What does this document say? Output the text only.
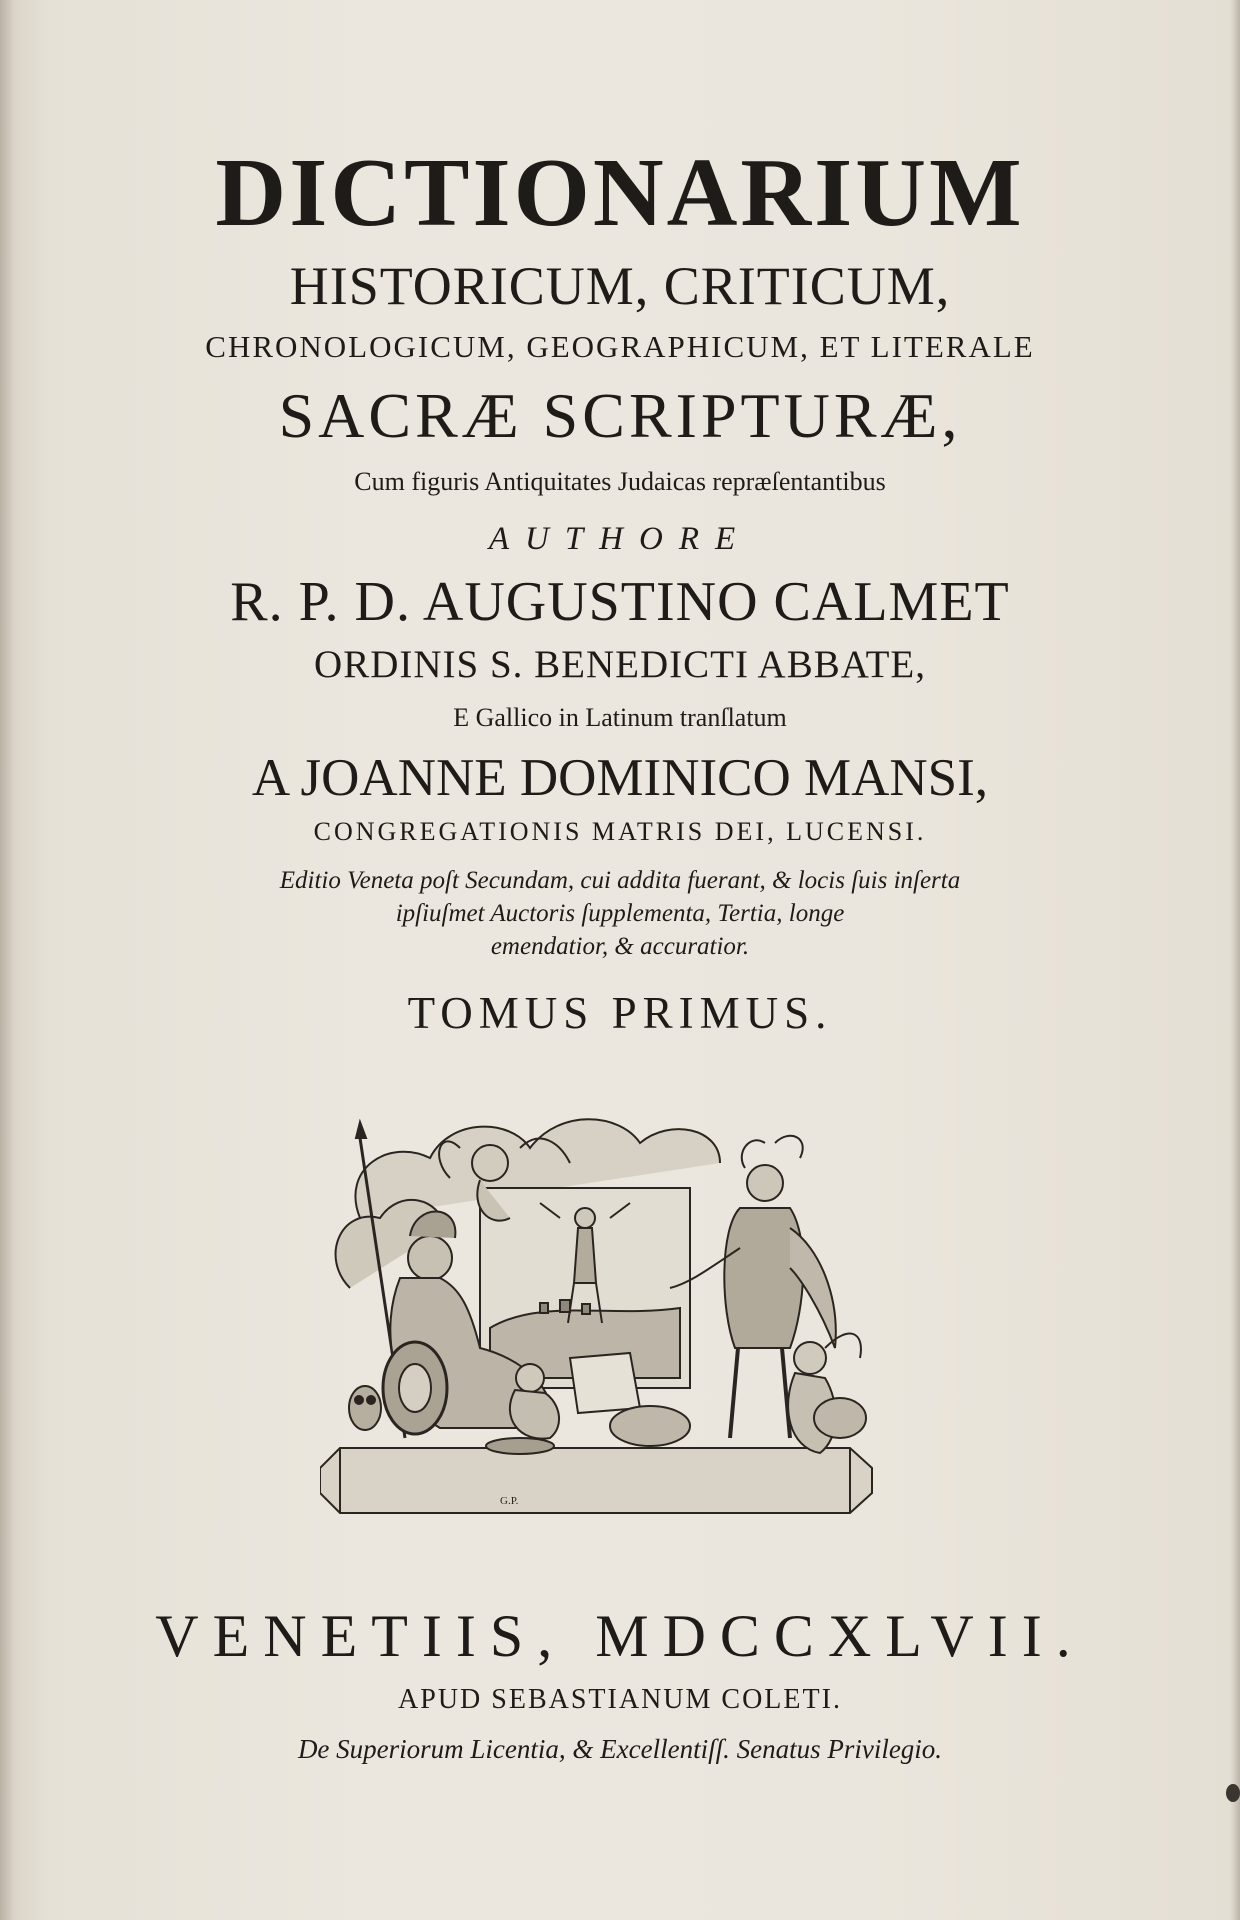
DICTIONARIUM

HISTORICUM, CRITICUM,

CHRONOLOGICUM, GEOGRAPHICUM, ET LITERALE

SACRÆ SCRIPTURÆ,

Cum figuris Antiquitates Judaicas repræſentantibus

AUTHORE

R. P. D. AUGUSTINO CALMET

ORDINIS S. BENEDICTI ABBATE,

E Gallico in Latinum tranſlatum

A JOANNE DOMINICO MANSI,

CONGREGATIONIS MATRIS DEI, LUCENSI.

Editio Veneta poſt Secundam, cui addita fuerant, & locis ſuis inſerta

ipſiuſmet Auctoris ſupplementa, Tertia, longe

emendatior, & accuratior.

TOMUS PRIMUS.

G.P.

VENETIIS, MDCCXLVII.

APUD SEBASTIANUM COLETI.

De Superiorum Licentia, & Excellentiſſ. Senatus Privilegio.
